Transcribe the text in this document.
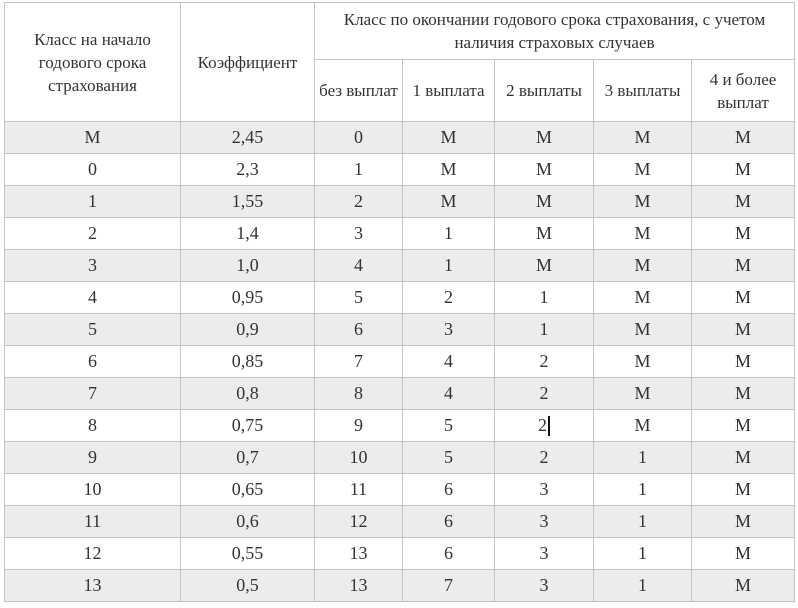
Класс на начало годового срока страхования	Коэффициент	Класс по окончании годового срока страхования, с учетом наличия страховых случаев				
		без выплат	1 выплата	2 выплаты	3 выплаты	4 и более выплат
М	2,45	0	М	М	М	М
0	2,3	1	М	М	М	М
1	1,55	2	М	М	М	М
2	1,4	3	1	М	М	М
3	1,0	4	1	М	М	М
4	0,95	5	2	1	М	М
5	0,9	6	3	1	М	М
6	0,85	7	4	2	М	М
7	0,8	8	4	2	М	М
8	0,75	9	5	2	М	М
9	0,7	10	5	2	1	М
10	0,65	11	6	3	1	М
11	0,6	12	6	3	1	М
12	0,55	13	6	3	1	М
13	0,5	13	7	3	1	М
